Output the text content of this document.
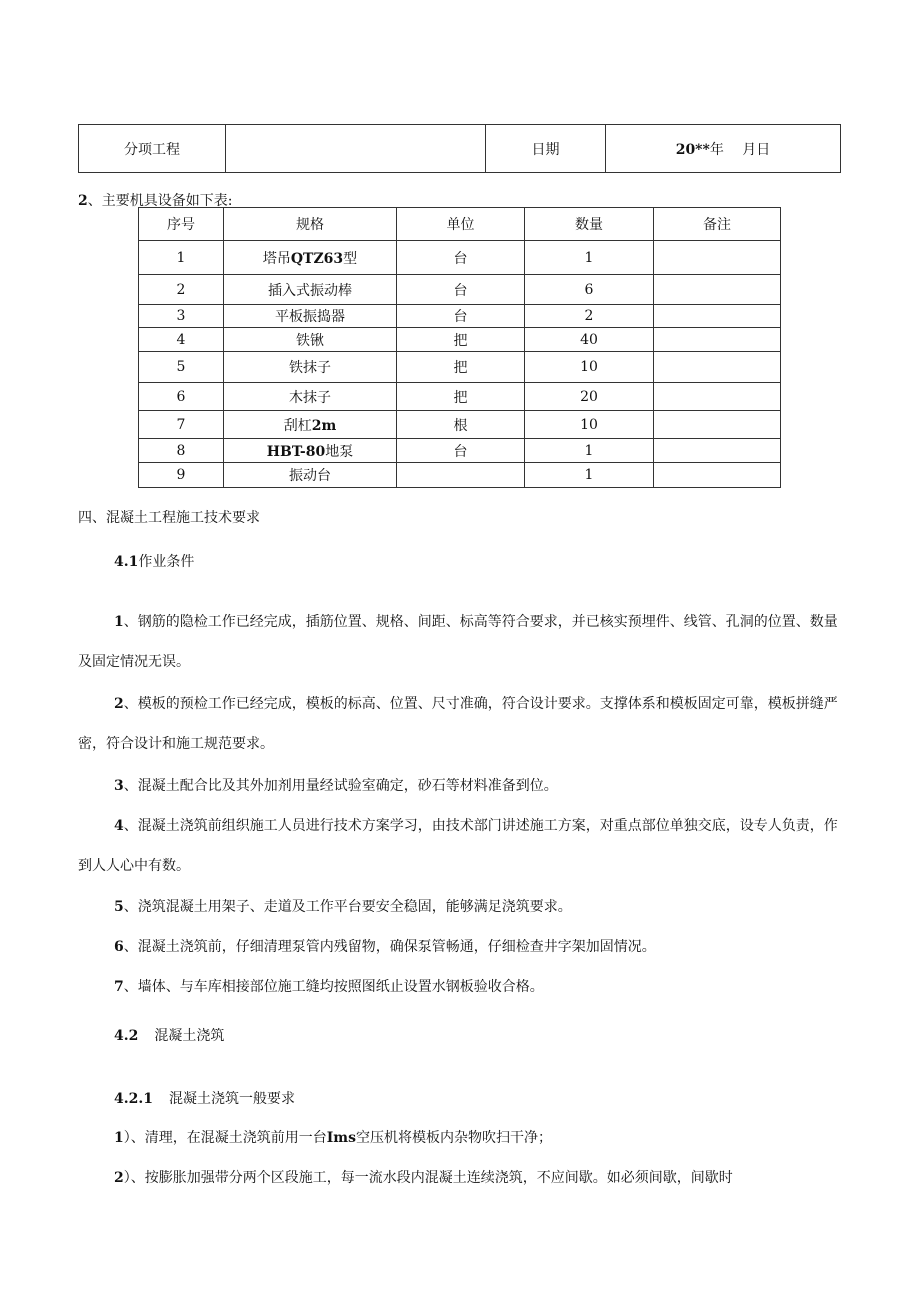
分项工程		日期	20**年　 月日
2、主要机具设备如下表:
序号	规格	单位	数量	备注
1	塔吊QTZ63型	台	1	
2	插入式振动棒	台	6	
3	平板振捣器	台	2	
4	铁锹	把	40	
5	铁抹子	把	10	
6	木抹子	把	20	
7	刮杠2m	根	10	
8	HBT-80地泵	台	1	
9	振动台		1	
四、混凝土工程施工技术要求
4.1作业条件
1、钢筋的隐检工作已经完成，插筋位置、规格、间距、标高等符合要求，并已核实预埋件、线管、孔洞的位置、数量及固定情况无误。
2、模板的预检工作已经完成，模板的标高、位置、尺寸准确，符合设计要求。支撑体系和模板固定可靠，模板拼缝严密，符合设计和施工规范要求。
3、混凝土配合比及其外加剂用量经试验室确定，砂石等材料准备到位。
4、混凝土浇筑前组织施工人员进行技术方案学习，由技术部门讲述施工方案，对重点部位单独交底，设专人负责，作到人人心中有数。
5、浇筑混凝土用架子、走道及工作平台要安全稳固，能够满足浇筑要求。
6、混凝土浇筑前，仔细清理泵管内残留物，确保泵管畅通，仔细检查井字架加固情况。
7、墙体、与车库相接部位施工缝均按照图纸止设置水钢板验收合格。
4.2 混凝土浇筑
4.2.1 混凝土浇筑一般要求
1）、清理，在混凝土浇筑前用一台Ims空压机将模板内杂物吹扫干净；
2）、按膨胀加强带分两个区段施工，每一流水段内混凝土连续浇筑，不应间歇。如必须间歇，间歇时
